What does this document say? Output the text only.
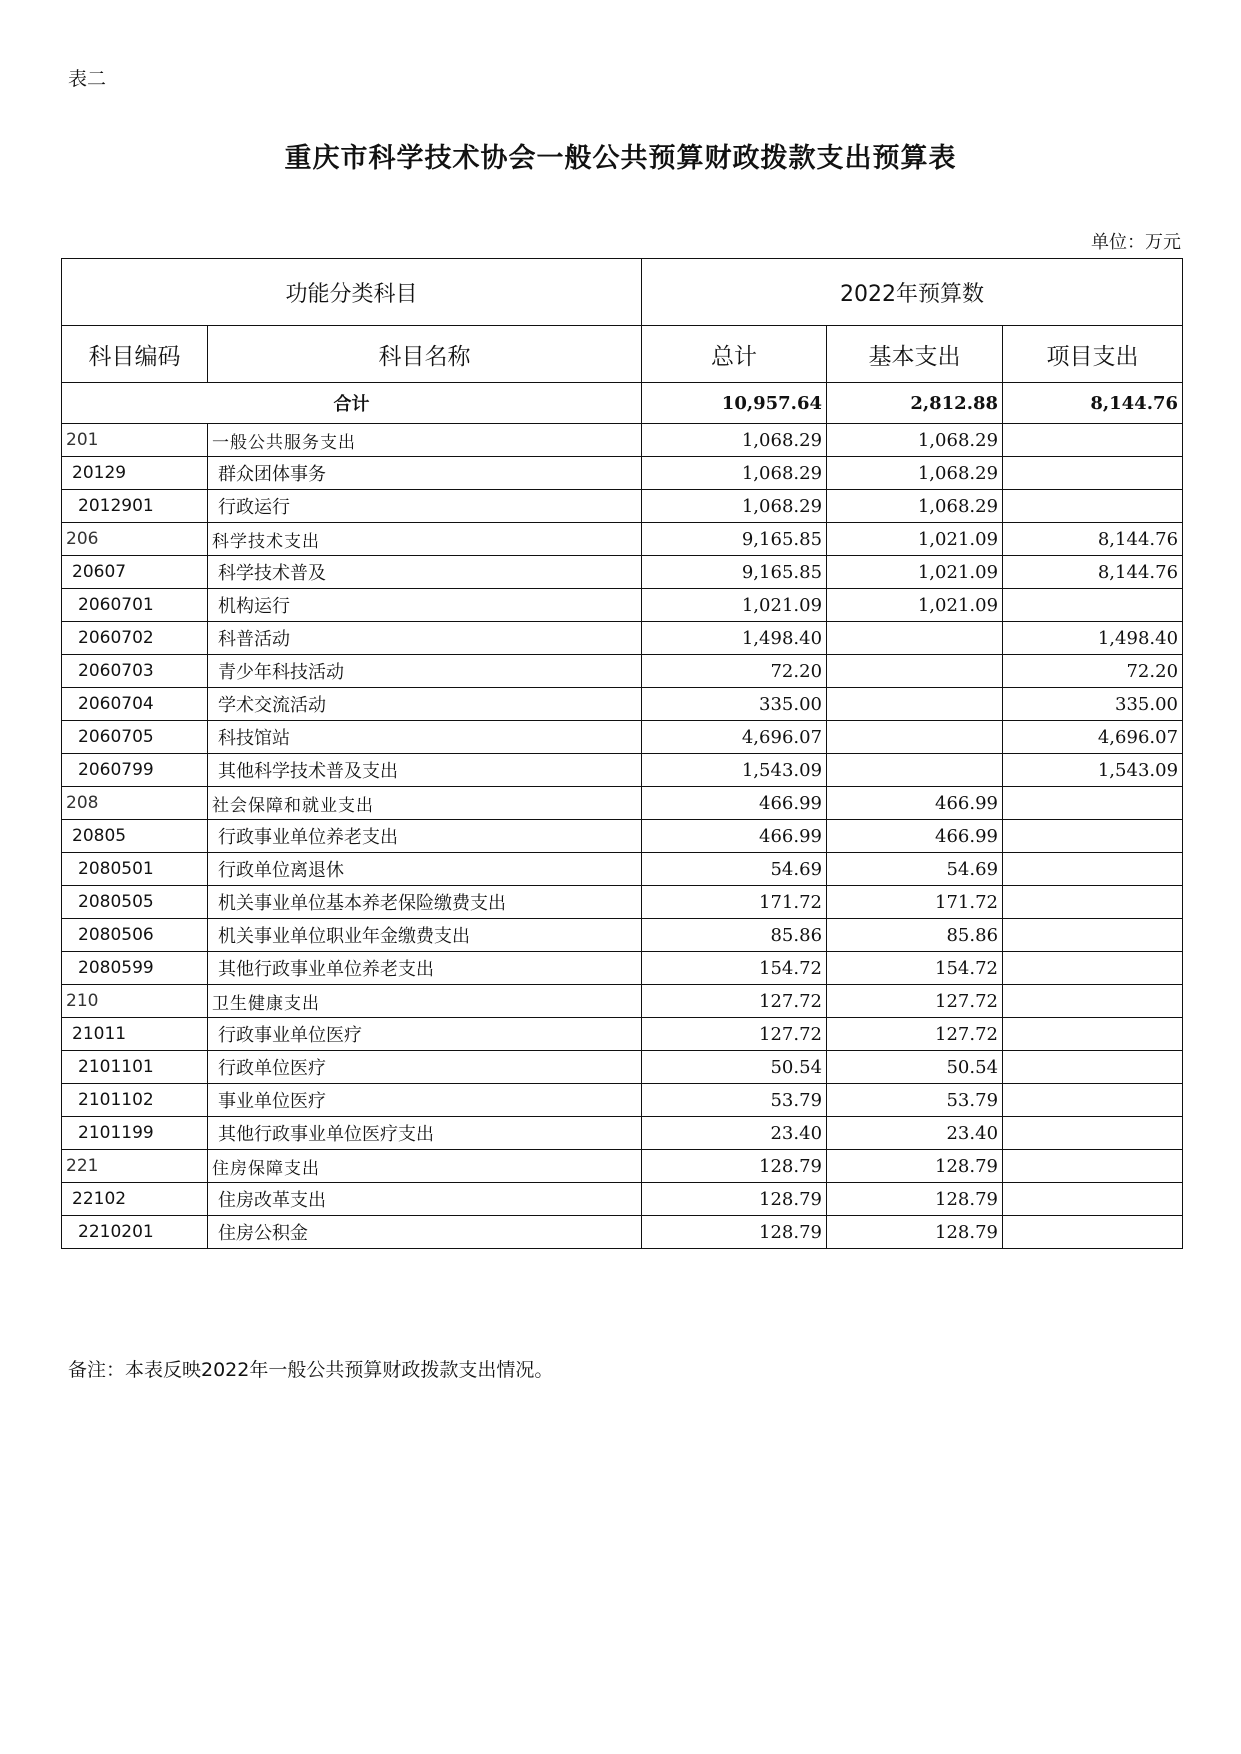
表二
重庆市科学技术协会一般公共预算财政拨款支出预算表
单位：万元
功能分类科目		2022年预算数		
科目编码	科目名称	总计	基本支出	项目支出
合计		10,957.64	2,812.88	8,144.76
201	一般公共服务支出	1,068.29	1,068.29	
20129	群众团体事务	1,068.29	1,068.29	
2012901	行政运行	1,068.29	1,068.29	
206	科学技术支出	9,165.85	1,021.09	8,144.76
20607	科学技术普及	9,165.85	1,021.09	8,144.76
2060701	机构运行	1,021.09	1,021.09	
2060702	科普活动	1,498.40		1,498.40
2060703	青少年科技活动	72.20		72.20
2060704	学术交流活动	335.00		335.00
2060705	科技馆站	4,696.07		4,696.07
2060799	其他科学技术普及支出	1,543.09		1,543.09
208	社会保障和就业支出	466.99	466.99	
20805	行政事业单位养老支出	466.99	466.99	
2080501	行政单位离退休	54.69	54.69	
2080505	机关事业单位基本养老保险缴费支出	171.72	171.72	
2080506	机关事业单位职业年金缴费支出	85.86	85.86	
2080599	其他行政事业单位养老支出	154.72	154.72	
210	卫生健康支出	127.72	127.72	
21011	行政事业单位医疗	127.72	127.72	
2101101	行政单位医疗	50.54	50.54	
2101102	事业单位医疗	53.79	53.79	
2101199	其他行政事业单位医疗支出	23.40	23.40	
221	住房保障支出	128.79	128.79	
22102	住房改革支出	128.79	128.79	
2210201	住房公积金	128.79	128.79	
备注：本表反映2022年一般公共预算财政拨款支出情况。
